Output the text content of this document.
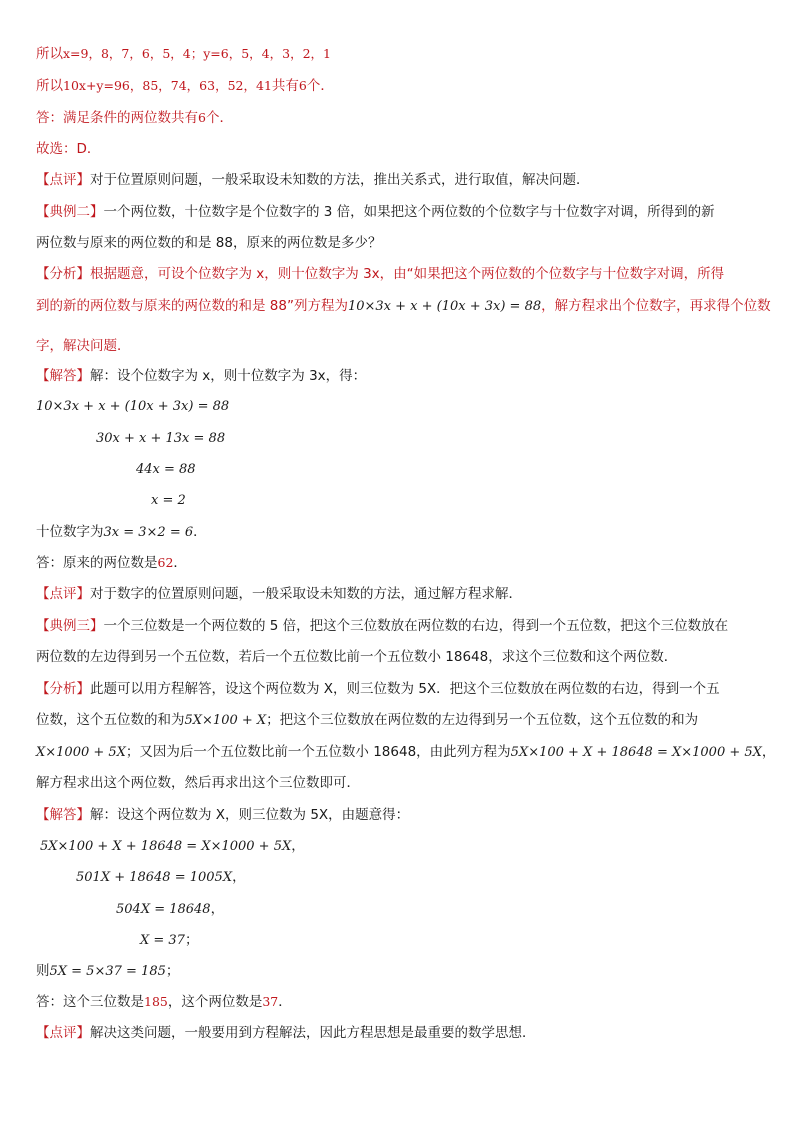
所以x=9，8，7，6，5，4；y=6，5，4，3，2，1
所以10x+y=96，85，74，63，52，41共有6个．
答：满足条件的两位数共有6个．
故选：D．
【点评】对于位置原则问题，一般采取设未知数的方法，推出关系式，进行取值，解决问题．
【典例二】一个两位数，十位数字是个位数字的 3 倍，如果把这个两位数的个位数字与十位数字对调，所得到的新
两位数与原来的两位数的和是 88，原来的两位数是多少？
【分析】根据题意，可设个位数字为 x，则十位数字为 3x，由“如果把这个两位数的个位数字与十位数字对调，所得
到的新的两位数与原来的两位数的和是 88”列方程为10×3x + x + (10x + 3x) = 88，解方程求出个位数字，再求得个位数
字，解决问题．
【解答】解：设个位数字为 x，则十位数字为 3x，得：
10×3x + x + (10x + 3x) = 88
30x + x + 13x = 88
44x = 88
x = 2
十位数字为3x = 3×2 = 6．
答：原来的两位数是62．
【点评】对于数字的位置原则问题，一般采取设未知数的方法，通过解方程求解．
【典例三】一个三位数是一个两位数的 5 倍，把这个三位数放在两位数的右边，得到一个五位数，把这个三位数放在
两位数的左边得到另一个五位数，若后一个五位数比前一个五位数小 18648，求这个三位数和这个两位数．
【分析】此题可以用方程解答，设这个两位数为 X，则三位数为 5X．把这个三位数放在两位数的右边，得到一个五
位数，这个五位数的和为5X×100 + X；把这个三位数放在两位数的左边得到另一个五位数，这个五位数的和为
X×1000 + 5X；又因为后一个五位数比前一个五位数小 18648，由此列方程为5X×100 + X + 18648 = X×1000 + 5X，
解方程求出这个两位数，然后再求出这个三位数即可．
【解答】解：设这个两位数为 X，则三位数为 5X，由题意得：
5X×100 + X + 18648 = X×1000 + 5X，
501X + 18648 = 1005X，
504X = 18648，
X = 37；
则5X = 5×37 = 185；
答：这个三位数是185，这个两位数是37．
【点评】解决这类问题，一般要用到方程解法，因此方程思想是最重要的数学思想．
